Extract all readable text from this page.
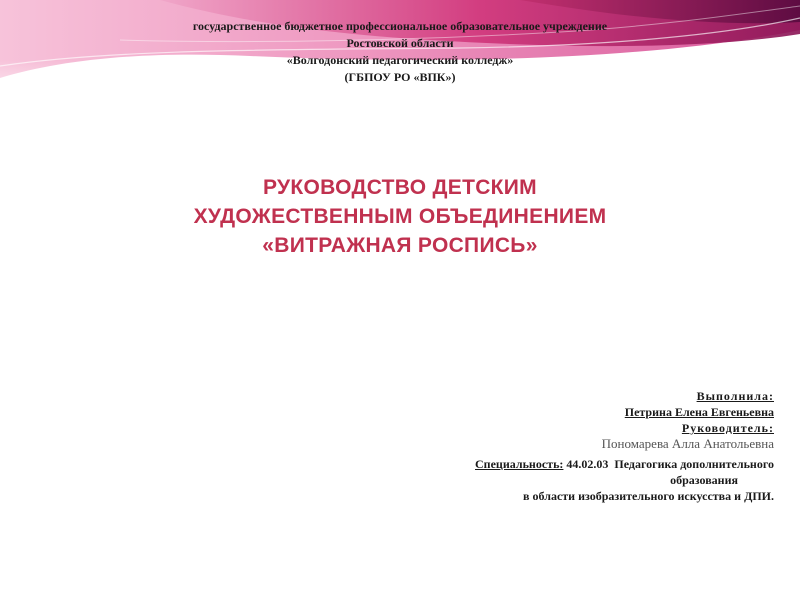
государственное бюджетное профессиональное образовательное учреждение
Ростовской области
«Волгодонский педагогический колледж»
(ГБПОУ РО «ВПК»)
РУКОВОДСТВО ДЕТСКИМ
ХУДОЖЕСТВЕННЫМ ОБЪЕДИНЕНИЕМ
«ВИТРАЖНАЯ РОСПИСЬ»
Выполнила:
Петрина Елена Евгеньевна
Руководитель:
Пономарева Алла Анатольевна
Специальность: 44.02.03  Педагогика дополнительного
образования
в области изобразительного искусства и ДПИ.
